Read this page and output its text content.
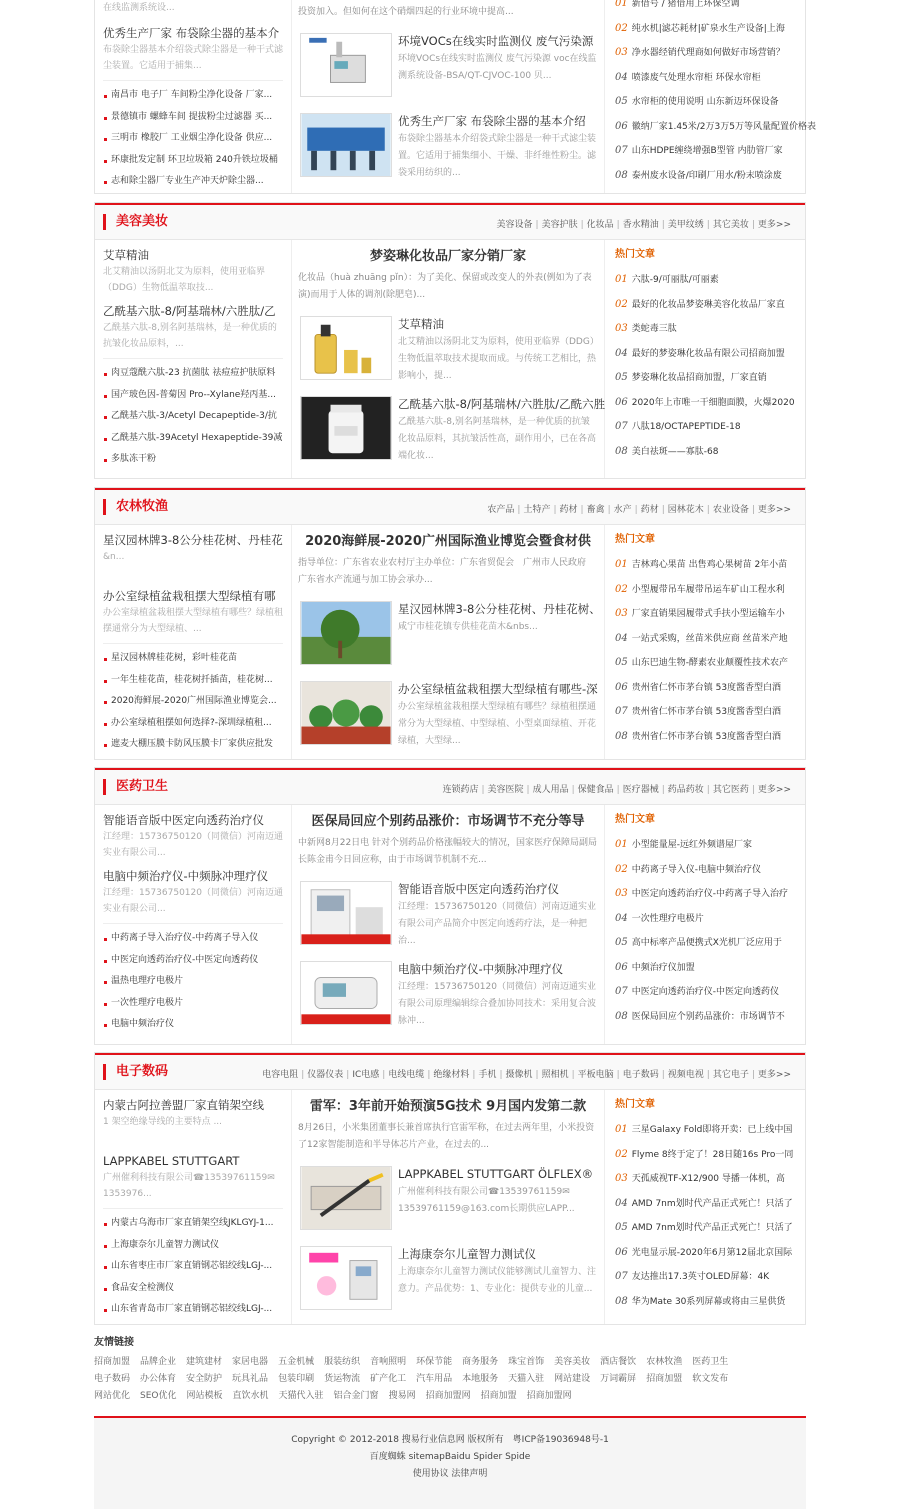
在线监测系统设...
优秀生产厂家 布袋除尘器的基本介
布袋除尘器基本介绍袋式除尘器是一种干式滤尘装置。它适用于捕集...
南昌市 电子厂 车间粉尘净化设备 厂家...
景德镇市 螺蜂车间 提拔粉尘过滤器 买...
三明市 橡胶厂 工业烟尘净化设备 供应...
环康批发定制 环卫垃圾箱 240升铁垃圾桶
志和除尘器厂专业生产冲天炉除尘器...
投资加入。但如何在这个硝烟四起的行业环境中提高...
环境VOCs在线实时监测仪 废气污染源
环境VOCs在线实时监测仪 废气污染源 voc在线监测系统设备-BSA/QT-CJVOC-100 贝...
优秀生产厂家 布袋除尘器的基本介绍
布袋除尘器基本介绍袋式除尘器是一种干式滤尘装置。它适用于捕集细小、干燥、非纤维性粉尘。滤袋采用纺织的...
01 新借号 / 猪借用上环保空调
02 纯水机|滤芯耗材|矿泉水生产设备|上海
03 净水器经销代理商如何做好市场营销？
04 喷漆废气处理水帘柜 环保水帘柜
05 水帘柜的使用说明 山东新迈环保设备
06 徽纳厂家1.45米/2万3万5万等风量配置价格表
07 山东HDPE缠绕增强B型管 内肋管厂家
08 泰州废水设备/印刷厂用水/粉末喷涂废
美容美妆	美容设备 | 美容护肤 | 化妆品 | 香水精油 | 美甲纹绣 | 其它美妆 | 更多>>
艾草精油
北艾精油以汤阴北艾为原料，使用亚临界（DDG）生物低温萃取技...
乙酰基六肽-8/阿基瑞林/六胜肽/乙
乙酰基六肽-8,别名阿基瑞林，是一种优质的抗皱化妆品原料，...
肉豆蔻酰六肽-23 抗菌肽 祛痘痘护肤原料
国产玻色因-普菊因 Pro--Xylane羟丙基...
乙酰基六肽-3/Acetyl Decapeptide-3/抗
乙酰基六肽-39Acetyl Hexapeptide-39减
多肽冻干粉
梦姿琳化妆品厂家分销厂家
化妆品（huà zhuāng pǐn）：为了美化、保留或改变人的外表(例如为了表演)而用于人体的调剂(除肥皂)...
艾草精油
北艾精油以汤阴北艾为原料，使用亚临界（DDG）生物低温萃取技术提取而成。与传统工艺相比，热影响小，提...
乙酰基六肽-8/阿基瑞林/六胜肽/乙酰六胜
乙酰基六肽-8,别名阿基瑞林，是一种优质的抗皱化妆品原料，其抗皱活性高，副作用小，已在各高端化妆...
热门文章
01 六肽-9/可丽肽/可丽素
02 最好的化妆品梦姿琳美容化妆品厂家直
03 类蛇毒三肽
04 最好的梦姿琳化妆品有限公司招商加盟
05 梦姿琳化妆品招商加盟，厂家直销
06 2020年上市唯一干细胞面膜，火爆2020
07 八肽18/OCTAPEPTIDE-18
08 美白祛斑——寡肽-68
农林牧渔	农产品 | 土特产 | 药材 | 畜禽 | 水产 | 药材 | 园林花木 | 农业设备 | 更多>>
星汉园林牌3-8公分桂花树、丹桂花
&n...
办公室绿植盆栽租摆大型绿植有哪
办公室绿植盆栽租摆大型绿植有哪些？绿植租摆通常分为大型绿植、...
星汉园林牌桂花树，彩叶桂花苗
一年生桂花苗，桂花树扦插苗，桂花树...
2020海鲜展-2020广州国际渔业博览会...
办公室绿植租摆如何选择?-深圳绿植租...
遮麦大棚压膜卡防风压膜卡厂家供应批发
2020海鲜展-2020广州国际渔业博览会暨食材供
指导单位：广东省农业农村厅主办单位：广东省贸促会　广州市人民政府　广东省水产流通与加工协会承办...
星汉园林牌3-8公分桂花树、丹桂花树、
咸宁市桂花镇专供桂花苗木&nbs...
办公室绿植盆栽租摆大型绿植有哪些-深
办公室绿植盆栽租摆大型绿植有哪些？绿植租摆通常分为大型绿植、中型绿植、小型桌面绿植、开花绿植，大型绿...
热门文章
01 吉林鸡心果苗 出售鸡心果树苗 2年小苗
02 小型履带吊车履带吊运车矿山工程水利
03 厂家直销果园履带式手扶小型运输车小
04 一站式采购，丝苗米供应商 丝苗米产地
05 山东巴迪生物-酵素农业颠覆性技术农产
06 贵州省仁怀市茅台镇 53度酱香型白酒
07 贵州省仁怀市茅台镇 53度酱香型白酒
08 贵州省仁怀市茅台镇 53度酱香型白酒
医药卫生	连锁药店 | 美容医院 | 成人用品 | 保健食品 | 医疗器械 | 药品药妆 | 其它医药 | 更多>>
智能语音版中医定向透药治疗仪
江经理：15736750120（同微信）河南迈通实业有限公司...
电脑中频治疗仪-中频脉冲理疗仪
江经理：15736750120（同微信）河南迈通实业有限公司...
中药离子导入治疗仪-中药离子导入仪
中医定向透药治疗仪-中医定向透药仪
温热电理疗电极片
一次性理疗电极片
电脑中频治疗仪
医保局回应个别药品涨价：市场调节不充分等导
中新网8月22日电 针对个别药品价格涨幅较大的情况，国家医疗保障局副局长陈金甫今日回应称，由于市场调节机制不充...
智能语音版中医定向透药治疗仪
江经理：15736750120（同微信）河南迈通实业有限公司产品简介中医定向透药疗法，是一种把治...
电脑中频治疗仪-中频脉冲理疗仪
江经理：15736750120（同微信）河南迈通实业有限公司原理编辑综合叠加协同技术：采用复合波脉冲...
热门文章
01 小型能量屋-远红外频谱屋厂家
02 中药离子导入仪-电脑中频治疗仪
03 中医定向透药治疗仪-中药离子导入治疗
04 一次性理疗电极片
05 高中标率产品便携式X光机厂泛应用于
06 中频治疗仪加盟
07 中医定向透药治疗仪-中医定向透药仪
08 医保局回应个别药品涨价：市场调节不
电子数码	电容电阻 | 仪器仪表 | IC电感 | 电线电缆 | 绝缘材料 | 手机 | 摄像机 | 照相机 | 平板电脑 | 电子数码 | 视频电视 | 其它电子 | 更多>>
内蒙古阿拉善盟厂家直销架空线
1 架空绝缘导线的主要特点 ...
LAPPKABEL STUTTGART
广州催利科技有限公司☎13539761159✉1353976...
内蒙古乌海市厂家直销架空线JKLGYJ-1...
上海康奈尔儿童智力测试仪
山东省枣庄市厂家直销钢芯铝绞线LGJ-...
食品安全检测仪
山东省青岛市厂家直销钢芯铝绞线LGJ-...
雷军：3年前开始预演5G技术 9月国内发第二款
8月26日，小米集团董事长兼首席执行官雷军称，在过去两年里，小米投资了12家智能制造和半导体芯片产业，在过去的...
LAPPKABEL STUTTGART ÖLFLEX®
广州催利科技有限公司☎13539761159✉13539761159@163.com长期供应LAPP...
上海康奈尔儿童智力测试仪
上海康奈尔儿童智力测试仪能够测试儿童智力、注意力。产品优势：1、专业化：提供专业的儿童...
热门文章
01 三星Galaxy Fold即将开卖：已上线中国
02 Flyme 8终于定了！28日随16s Pro一同
03 天孤威视TF-X12/900 导播一体机，高
04 AMD 7nm划时代产品正式死亡！只活了
05 AMD 7nm划时代产品正式死亡！只活了
06 光电显示展-2020年6月第12届北京国际
07 友达推出17.3英寸OLED屏幕：4K
08 华为Mate 30系列屏幕或将由三星供货
友情链接
招商加盟 品牌企业 建筑建材 家居电器 五金机械 服装纺织 音响照明 环保节能 商务服务 珠宝首饰 美容美妆 酒店餐饮 农林牧渔 医药卫生
电子数码 办公体育 安全防护 玩具礼品 包装印刷 货运物流 矿产化工 汽车用品 本地服务 天猫入驻 网站建设 万词霸屏 招商加盟 软文发布
网站优化 SEO优化 网站模板 直饮水机 天猫代入驻 铝合金门窗 搜易网 招商加盟网 招商加盟 招商加盟网
Copyright © 2012-2018 搜易行业信息网 版权所有　粤ICP备19036948号-1
百度蜘蛛 sitemapBaidu Spider Spide
使用协议 法律声明
